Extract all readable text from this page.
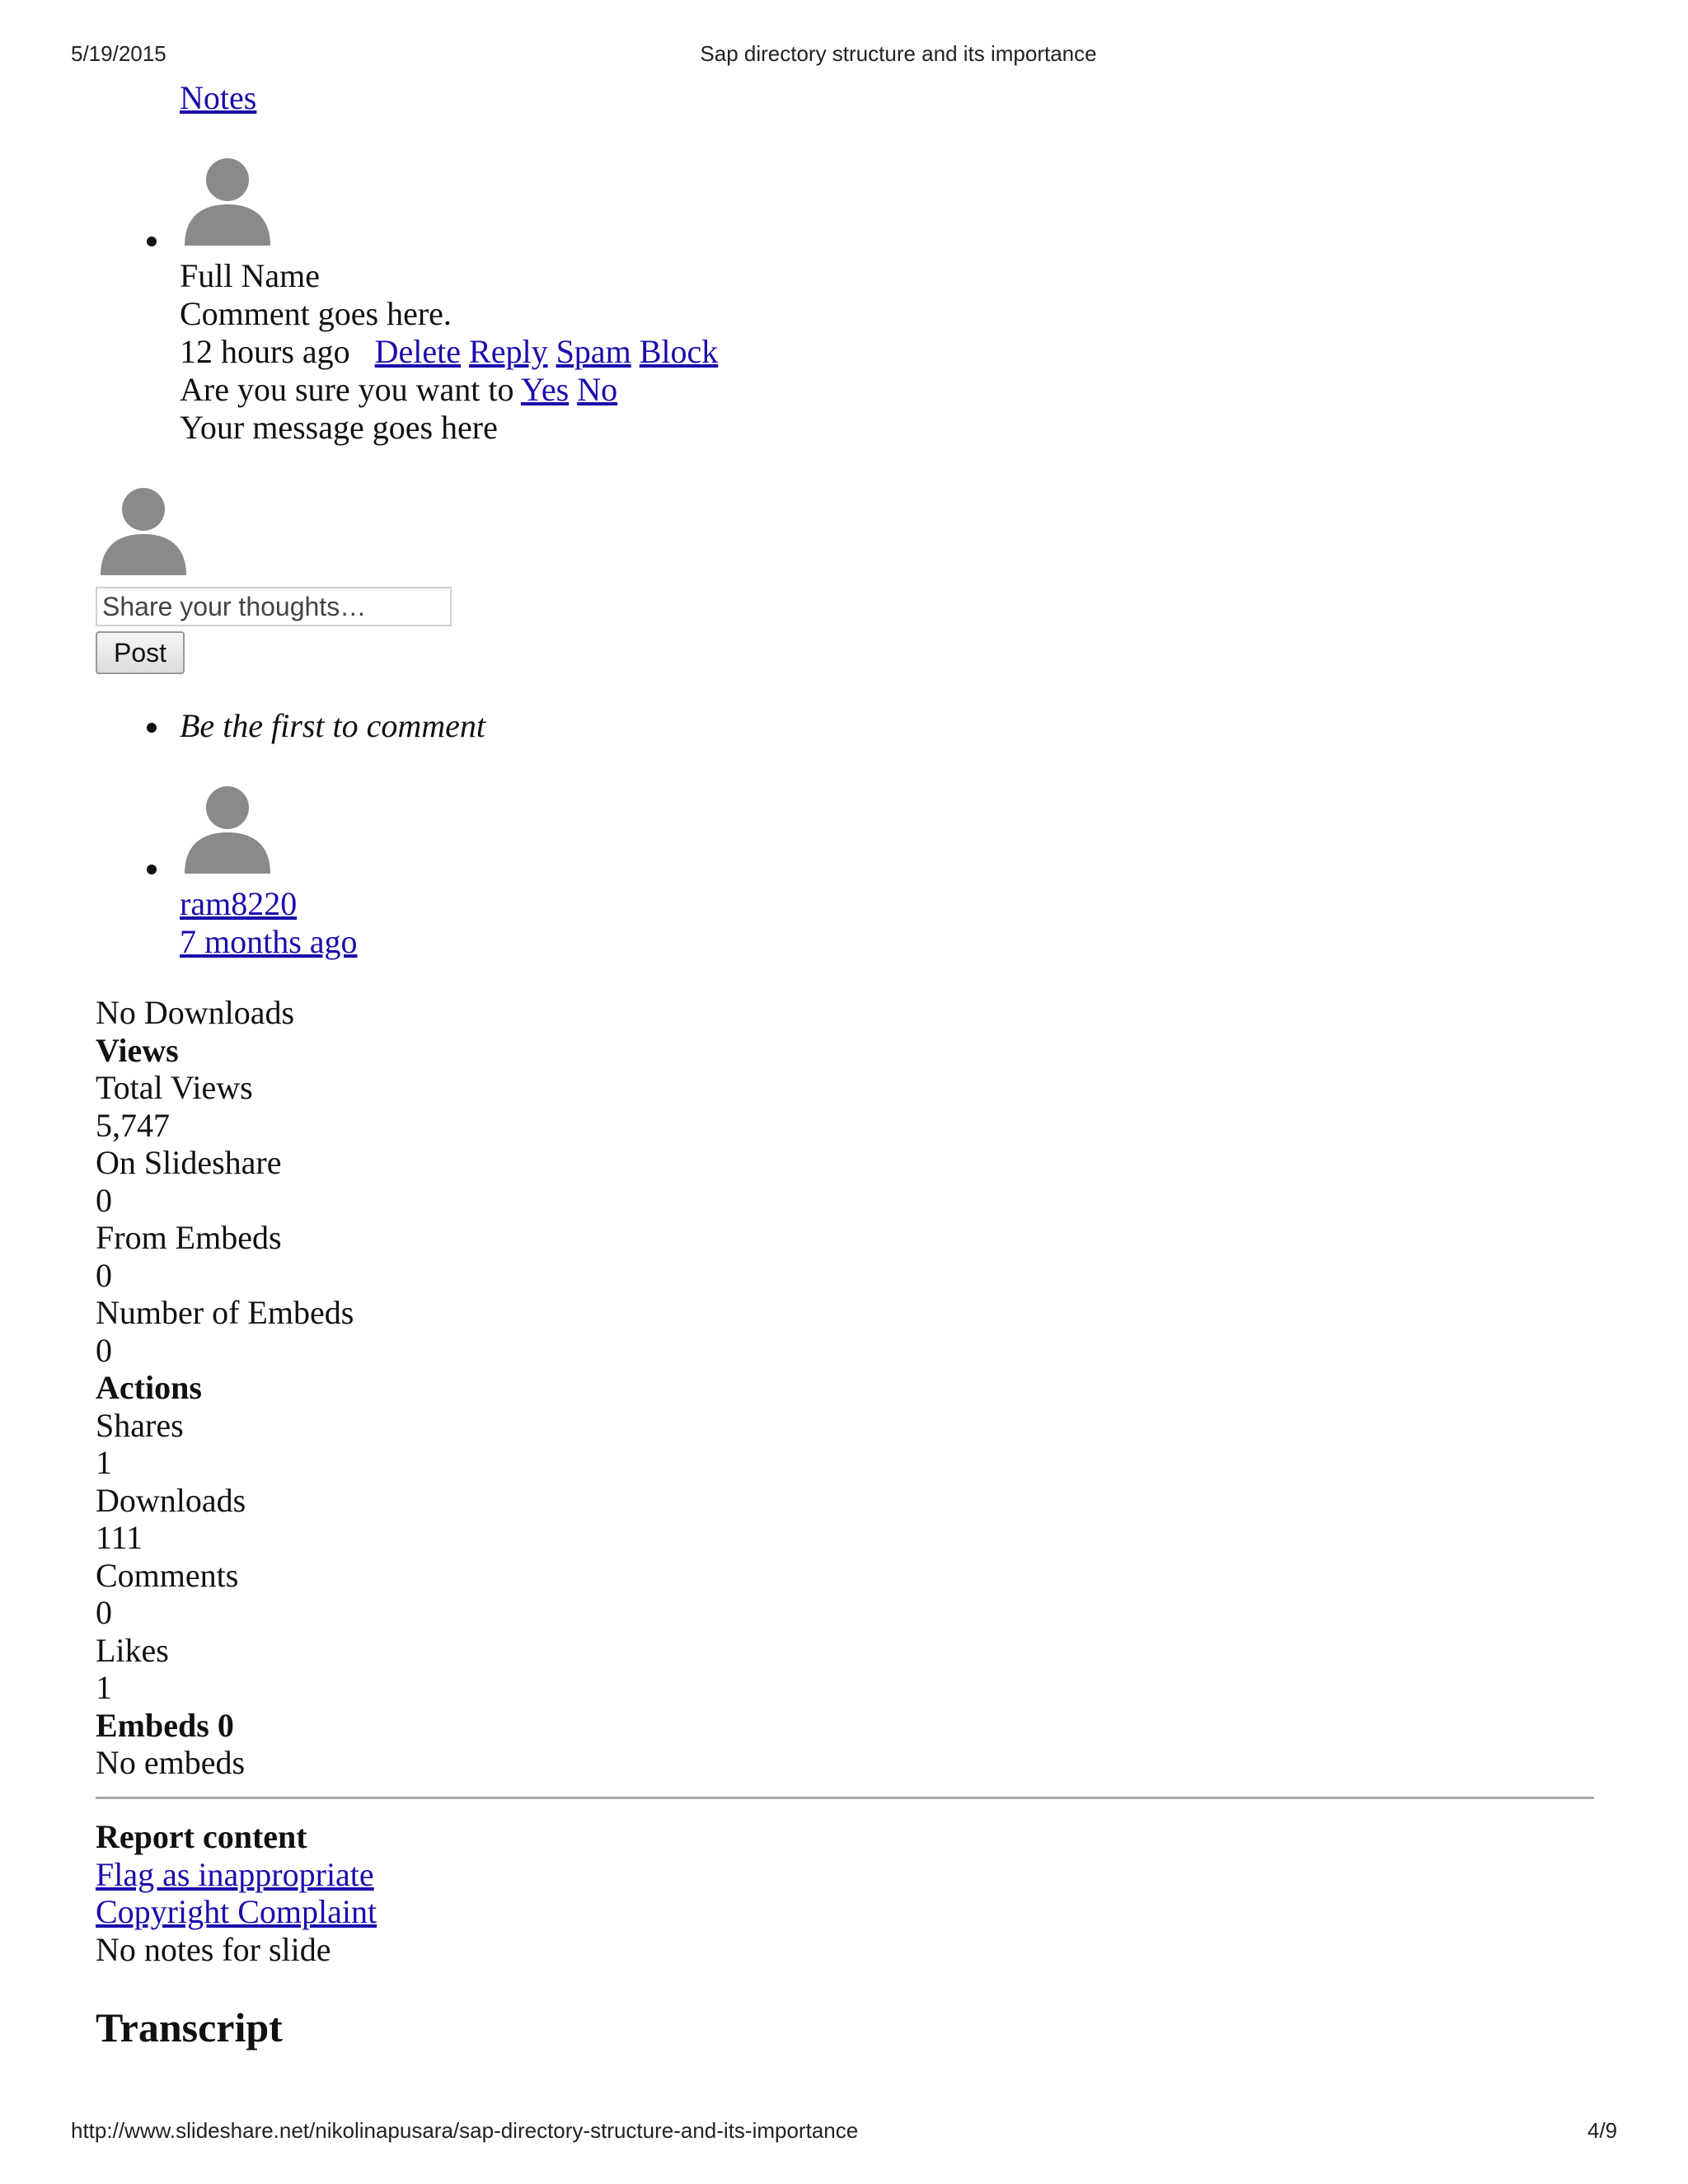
5/19/2015	Sap directory structure and its importance
Notes
Full Name
Comment goes here.
12 hours ago Delete Reply Spam Block
Are you sure you want to Yes No
Your message goes here
Share your thoughts…
Post
Be the first to comment
ram8220
7 months ago
No Downloads
Views
Total Views
5,747
On Slideshare
0
From Embeds
0
Number of Embeds
0
Actions
Shares
1
Downloads
111
Comments
0
Likes
1
Embeds 0
No embeds
Report content
Flag as inappropriate
Copyright Complaint
No notes for slide
Transcript
http://www.slideshare.net/nikolinapusara/sap-directory-structure-and-its-importance	4/9
